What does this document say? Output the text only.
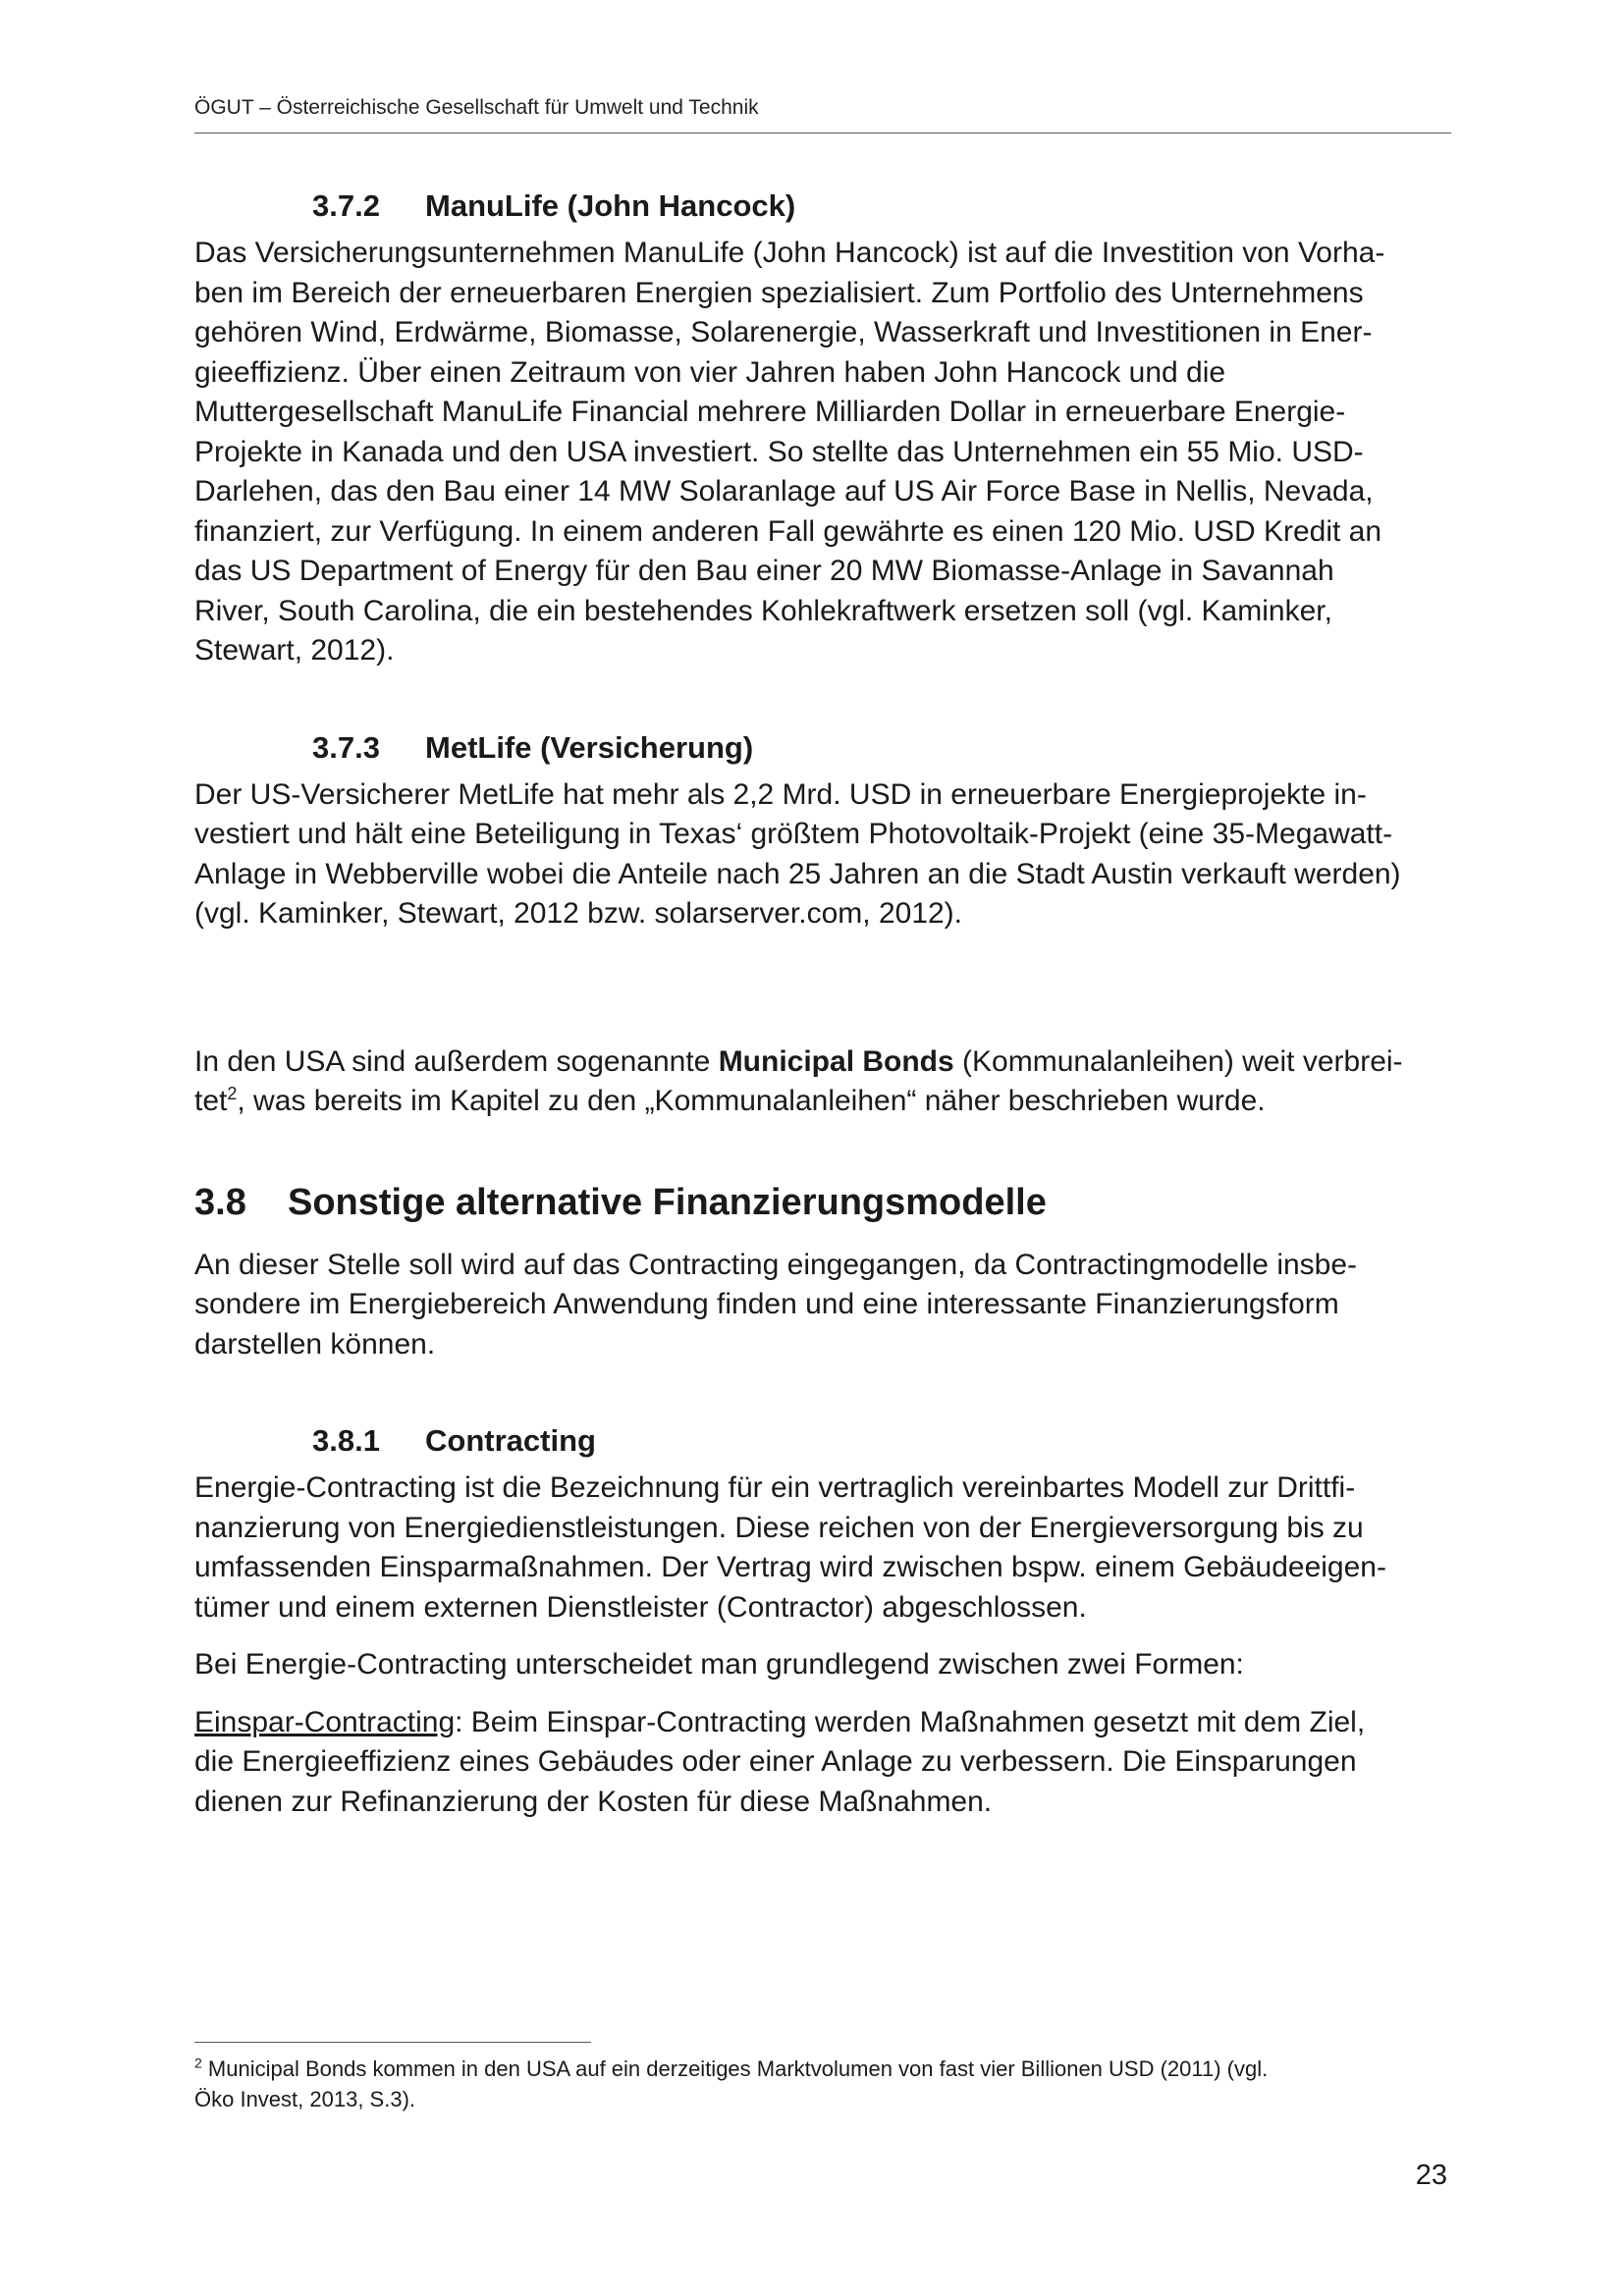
ÖGUT – Österreichische Gesellschaft für Umwelt und Technik
3.7.2 ManuLife (John Hancock)

Das Versicherungsunternehmen ManuLife (John Hancock) ist auf die Investition von Vorha-
ben im Bereich der erneuerbaren Energien spezialisiert. Zum Portfolio des Unternehmens
gehören Wind, Erdwärme, Biomasse, Solarenergie, Wasserkraft und Investitionen in Ener-
gieeffizienz. Über einen Zeitraum von vier Jahren haben John Hancock und die
Muttergesellschaft ManuLife Financial mehrere Milliarden Dollar in erneuerbare Energie-
Projekte in Kanada und den USA investiert. So stellte das Unternehmen ein 55 Mio. USD-
Darlehen, das den Bau einer 14 MW Solaranlage auf US Air Force Base in Nellis, Nevada,
finanziert, zur Verfügung. In einem anderen Fall gewährte es einen 120 Mio. USD Kredit an
das US Department of Energy für den Bau einer 20 MW Biomasse-Anlage in Savannah
River, South Carolina, die ein bestehendes Kohlekraftwerk ersetzen soll (vgl. Kaminker,
Stewart, 2012).

3.7.3 MetLife (Versicherung)

Der US-Versicherer MetLife hat mehr als 2,2 Mrd. USD in erneuerbare Energieprojekte in-
vestiert und hält eine Beteiligung in Texas‘ größtem Photovoltaik-Projekt (eine 35-Megawatt-
Anlage in Webberville wobei die Anteile nach 25 Jahren an die Stadt Austin verkauft werden)
(vgl. Kaminker, Stewart, 2012 bzw. solarserver.com, 2012).

In den USA sind außerdem sogenannte Municipal Bonds (Kommunalanleihen) weit verbrei-
tet$^2$, was bereits im Kapitel zu den „Kommunalanleihen“ näher beschrieben wurde.

3.8 Sonstige alternative Finanzierungsmodelle

An dieser Stelle soll wird auf das Contracting eingegangen, da Contractingmodelle insbe-
sondere im Energiebereich Anwendung finden und eine interessante Finanzierungsform
darstellen können.

3.8.1 Contracting

Energie-Contracting ist die Bezeichnung für ein vertraglich vereinbartes Modell zur Drittfi-
nanzierung von Energiedienstleistungen. Diese reichen von der Energieversorgung bis zu
umfassenden Einsparmaßnahmen. Der Vertrag wird zwischen bspw. einem Gebäudeeigen-
tümer und einem externen Dienstleister (Contractor) abgeschlossen.

Bei Energie-Contracting unterscheidet man grundlegend zwischen zwei Formen:

Einspar-Contracting: Beim Einspar-Contracting werden Maßnahmen gesetzt mit dem Ziel,
die Energieeffizienz eines Gebäudes oder einer Anlage zu verbessern. Die Einsparungen
dienen zur Refinanzierung der Kosten für diese Maßnahmen.

$^2$ Municipal Bonds kommen in den USA auf ein derzeitiges Marktvolumen von fast vier Billionen USD (2011) (vgl.
Öko Invest, 2013, S.3).
23
